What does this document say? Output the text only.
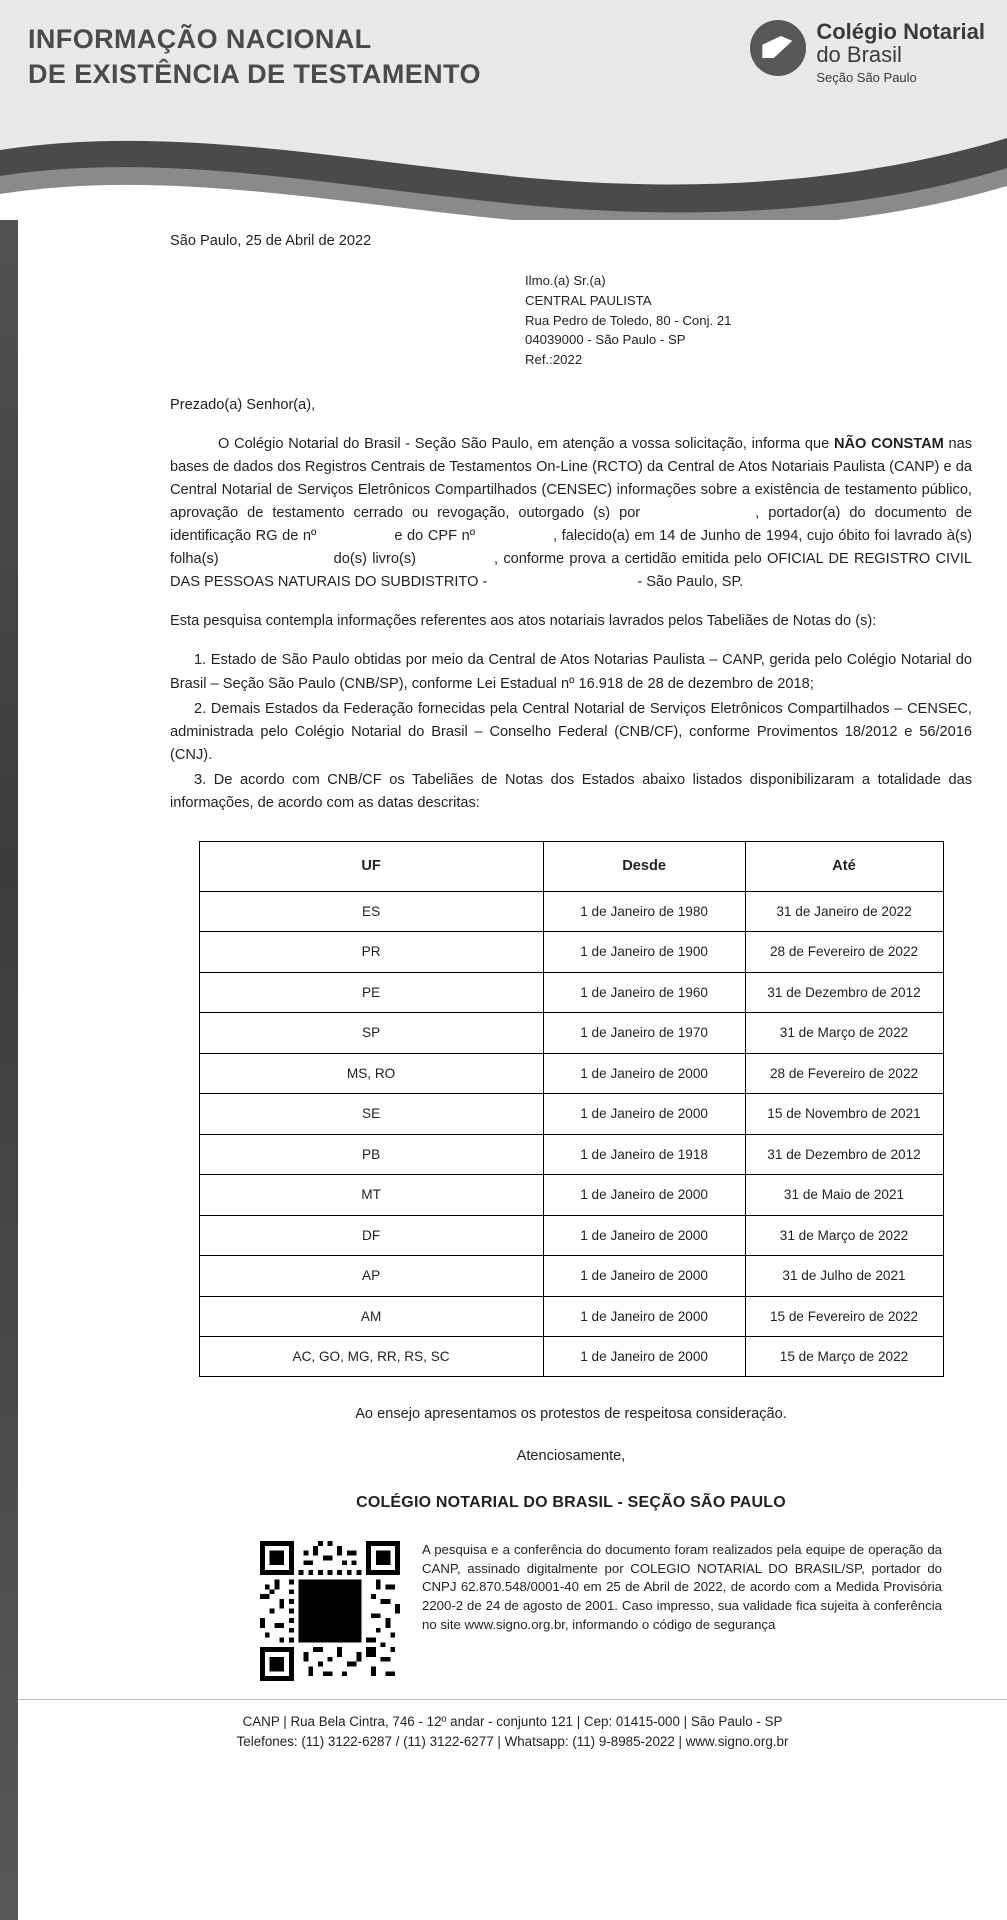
INFORMAÇÃO NACIONAL
DE EXISTÊNCIA DE TESTAMENTO
Colégio Notarial
do Brasil
Seção São Paulo
São Paulo, 25 de Abril de 2022
Ilmo.(a) Sr.(a)
CENTRAL PAULISTA
Rua Pedro de Toledo, 80 - Conj. 21
04039000 - São Paulo - SP
Ref.:2022
Prezado(a) Senhor(a),
O Colégio Notarial do Brasil - Seção São Paulo, em atenção a vossa solicitação, informa que NÃO CONSTAM nas bases de dados dos Registros Centrais de Testamentos On-Line (RCTO) da Central de Atos Notariais Paulista (CANP) e da Central Notarial de Serviços Eletrônicos Compartilhados (CENSEC) informações sobre a existência de testamento público, aprovação de testamento cerrado ou revogação, outorgado (s) por	, portador(a) do documento de identificação RG de nº	e do CPF nº	, falecido(a) em 14 de Junho de 1994, cujo óbito foi lavrado à(s) folha(s)	do(s) livro(s)	, conforme prova a certidão emitida pelo OFICIAL DE REGISTRO CIVIL DAS PESSOAS NATURAIS DO SUBDISTRITO -	- São Paulo, SP.
Esta pesquisa contempla informações referentes aos atos notariais lavrados pelos Tabeliães de Notas do (s):
1. Estado de São Paulo obtidas por meio da Central de Atos Notarias Paulista – CANP, gerida pelo Colégio Notarial do Brasil – Seção São Paulo (CNB/SP), conforme Lei Estadual nº 16.918 de 28 de dezembro de 2018;
2. Demais Estados da Federação fornecidas pela Central Notarial de Serviços Eletrônicos Compartilhados – CENSEC, administrada pelo Colégio Notarial do Brasil – Conselho Federal (CNB/CF), conforme Provimentos 18/2012 e 56/2016 (CNJ).
3. De acordo com CNB/CF os Tabeliães de Notas dos Estados abaixo listados disponibilizaram a totalidade das informações, de acordo com as datas descritas:
UF	Desde	Até
ES	1 de Janeiro de 1980	31 de Janeiro de 2022
PR	1 de Janeiro de 1900	28 de Fevereiro de 2022
PE	1 de Janeiro de 1960	31 de Dezembro de 2012
SP	1 de Janeiro de 1970	31 de Março de 2022
MS, RO	1 de Janeiro de 2000	28 de Fevereiro de 2022
SE	1 de Janeiro de 2000	15 de Novembro de 2021
PB	1 de Janeiro de 1918	31 de Dezembro de 2012
MT	1 de Janeiro de 2000	31 de Maio de 2021
DF	1 de Janeiro de 2000	31 de Março de 2022
AP	1 de Janeiro de 2000	31 de Julho de 2021
AM	1 de Janeiro de 2000	15 de Fevereiro de 2022
AC, GO, MG, RR, RS, SC	1 de Janeiro de 2000	15 de Março de 2022
Ao ensejo apresentamos os protestos de respeitosa consideração.
Atenciosamente,
COLÉGIO NOTARIAL DO BRASIL - SEÇÃO SÃO PAULO
A pesquisa e a conferência do documento foram realizados pela equipe de operação da CANP, assinado digitalmente por COLEGIO NOTARIAL DO BRASIL/SP, portador do CNPJ 62.870.548/0001-40 em 25 de Abril de 2022, de acordo com a Medida Provisória 2200-2 de 24 de agosto de 2001. Caso impresso, sua validade fica sujeita à conferência no site www.signo.org.br, informando o código de segurança
CANP | Rua Bela Cintra, 746 - 12º andar - conjunto 121 | Cep: 01415-000 | São Paulo - SP
Telefones: (11) 3122-6287 / (11) 3122-6277 | Whatsapp: (11) 9-8985-2022 | www.signo.org.br
